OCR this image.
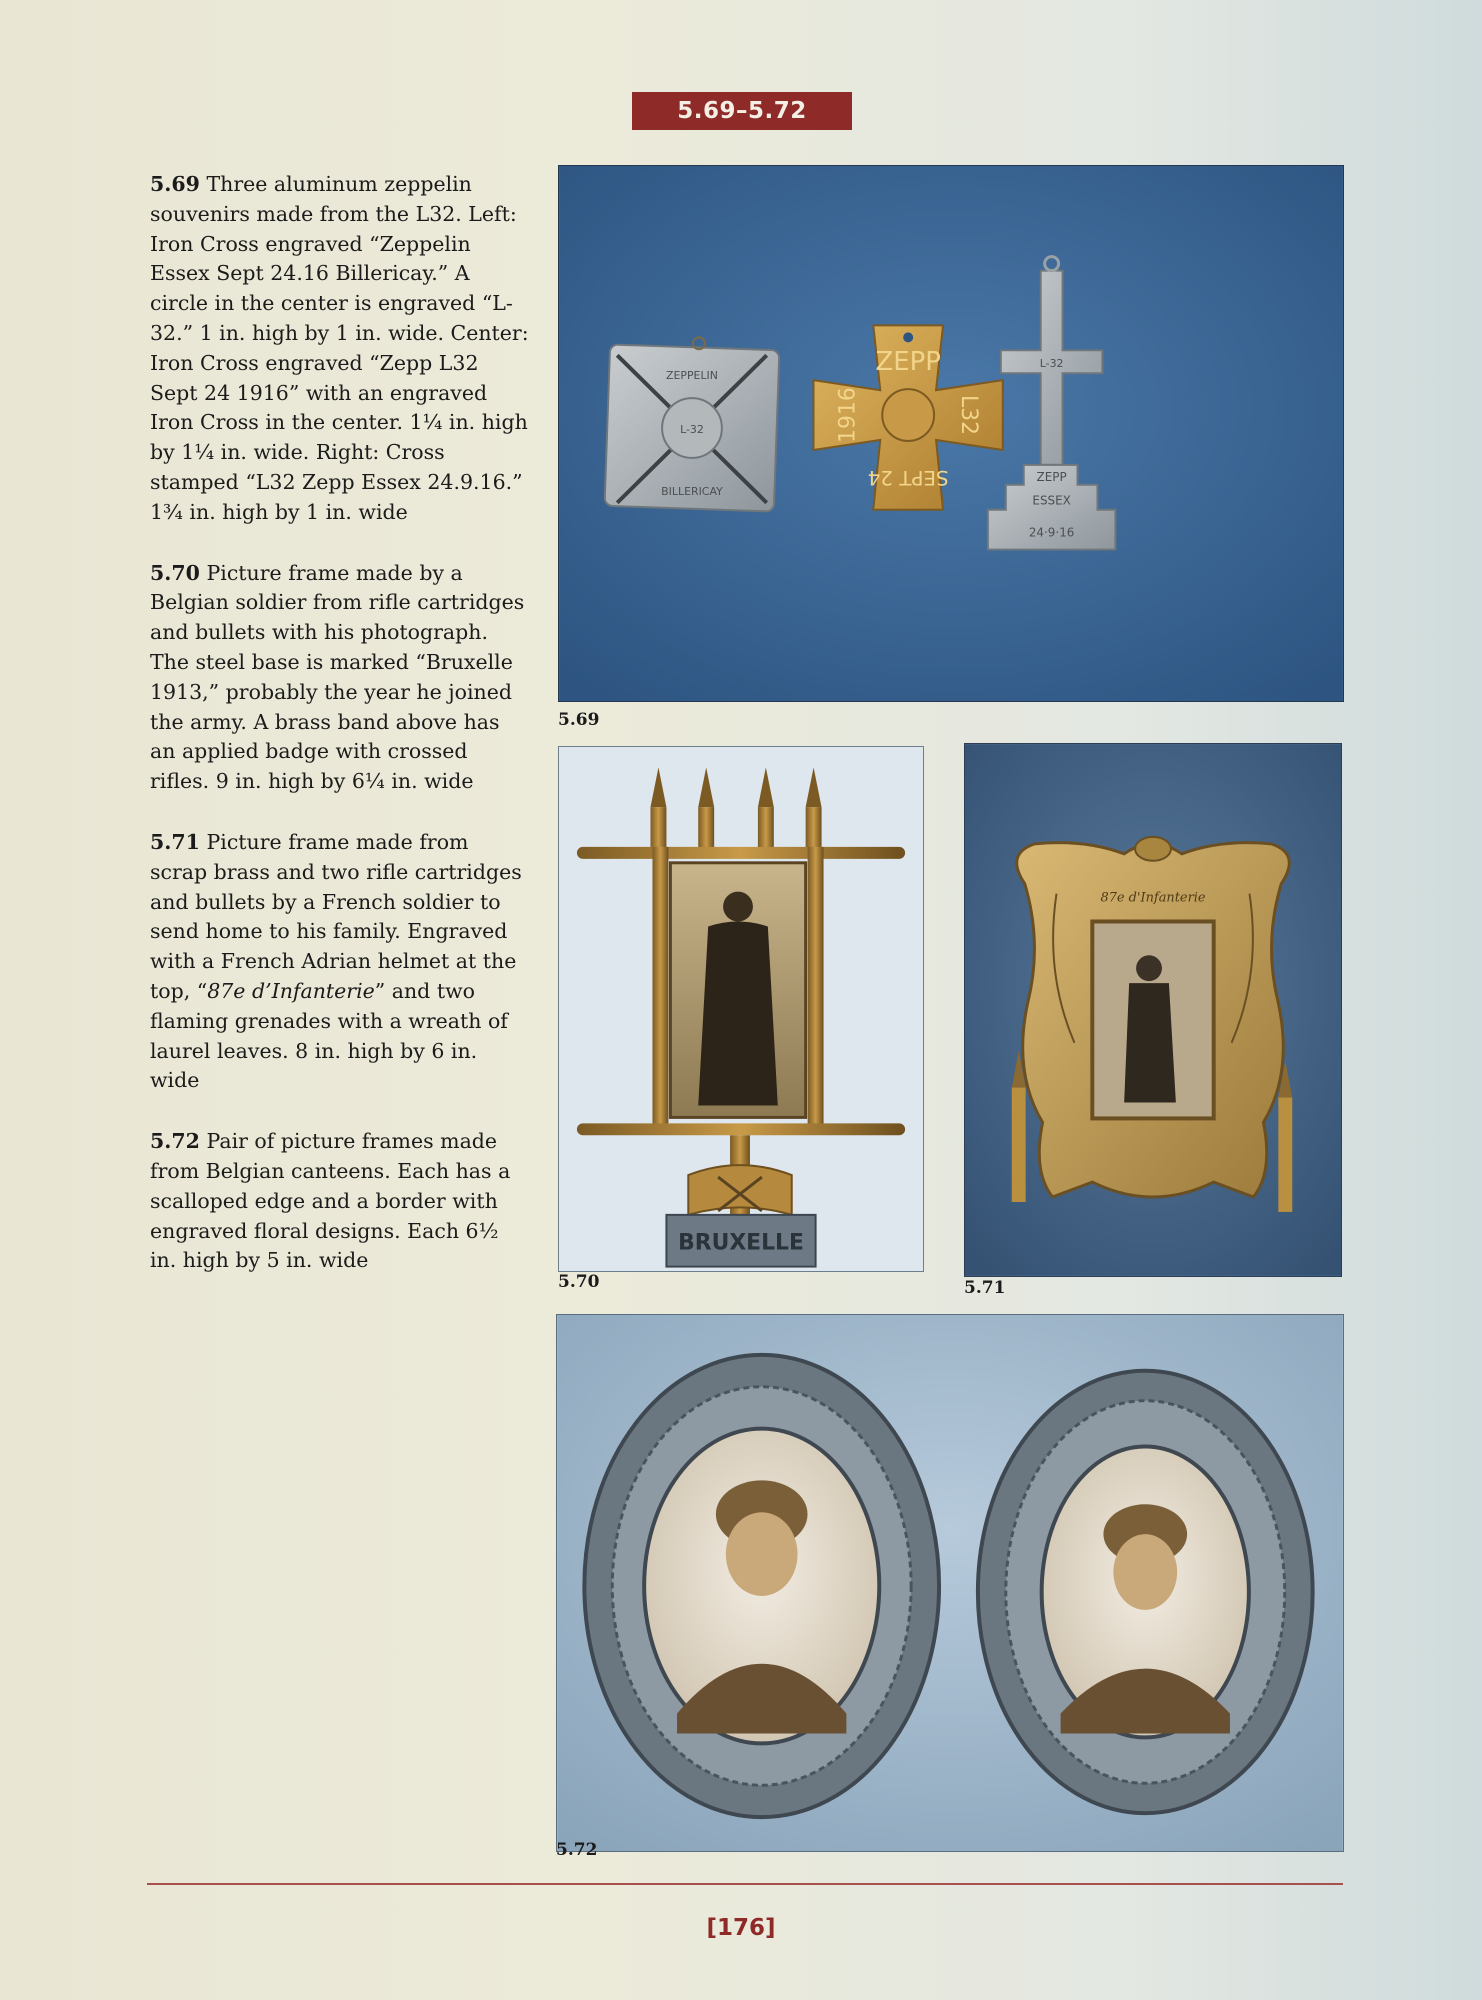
5.69–5.72

5.69 Three aluminum zeppelin souvenirs made from the L32. Left: Iron Cross engraved “Zeppelin Essex Sept 24.16 Billericay.” A circle in the center is engraved “L-32.” 1 in. high by 1 in. wide. Center: Iron Cross engraved “Zepp L32 Sept 24 1916” with an engraved Iron Cross in the center. 1¼ in. high by 1¼ in. wide. Right: Cross stamped “L32 Zepp Essex 24.9.16.” 1¾ in. high by 1 in. wide

5.70 Picture frame made by a Belgian soldier from rifle cartridges and bullets with his photograph. The steel base is marked “Bruxelle 1913,” probably the year he joined the army. A brass band above has an applied badge with crossed rifles. 9 in. high by 6¼ in. wide

5.71 Picture frame made from scrap brass and two rifle cartridges and bullets by a French soldier to send home to his family. Engraved with a French Adrian helmet at the top, “87e d’Infanterie” and two flaming grenades with a wreath of laurel leaves. 8 in. high by 6 in. wide

5.72 Pair of picture frames made from Belgian canteens. Each has a scalloped edge and a border with engraved floral designs. Each 6½ in. high by 5 in. wide

ZEPPELIN
L-32
BILLERICAY
ZEPP
L32
1916
SEPT 24
L-32
ZEPP
ESSEX
24·9·16
5.69
BRUXELLE
5.70
87e d'Infanterie
5.71
5.72
[176]
